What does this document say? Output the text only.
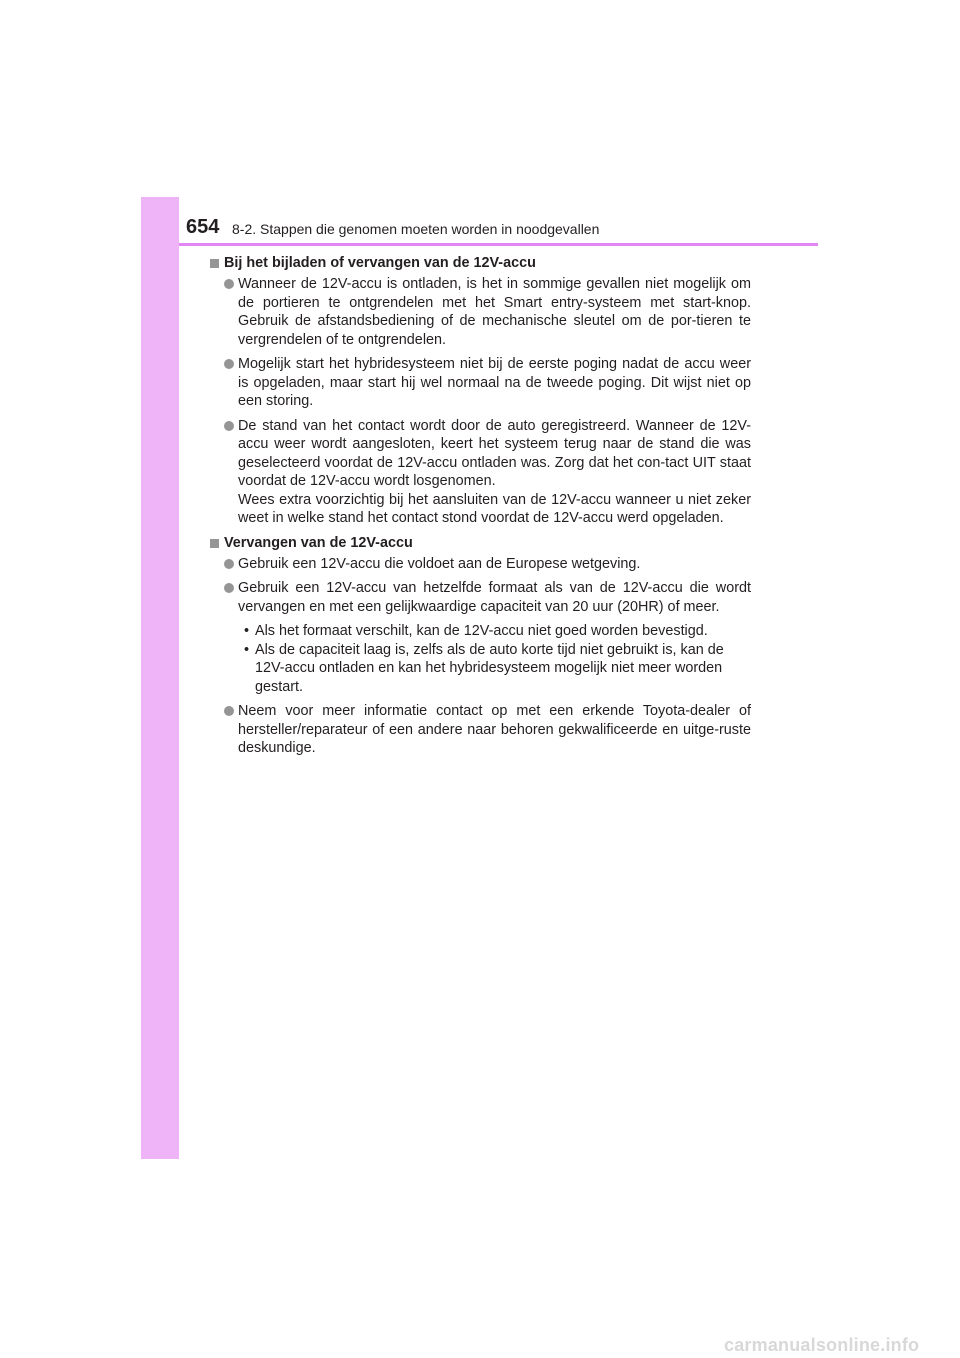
654 8-2. Stappen die genomen moeten worden in noodgevallen
Bij het bijladen of vervangen van de 12V-accu

Wanneer de 12V-accu is ontladen, is het in sommige gevallen niet mogelijk om de portieren te ontgrendelen met het Smart entry-systeem met start-knop. Gebruik de afstandsbediening of de mechanische sleutel om de por-tieren te vergrendelen of te ontgrendelen.

Mogelijk start het hybridesysteem niet bij de eerste poging nadat de accu weer is opgeladen, maar start hij wel normaal na de tweede poging. Dit wijst niet op een storing.

De stand van het contact wordt door de auto geregistreerd. Wanneer de 12V-accu weer wordt aangesloten, keert het systeem terug naar de stand die was geselecteerd voordat de 12V-accu ontladen was. Zorg dat het con-tact UIT staat voordat de 12V-accu wordt losgenomen.

Wees extra voorzichtig bij het aansluiten van de 12V-accu wanneer u niet zeker weet in welke stand het contact stond voordat de 12V-accu werd opgeladen.

Vervangen van de 12V-accu

Gebruik een 12V-accu die voldoet aan de Europese wetgeving.

Gebruik een 12V-accu van hetzelfde formaat als van de 12V-accu die wordt vervangen en met een gelijkwaardige capaciteit van 20 uur (20HR) of meer.

• Als het formaat verschilt, kan de 12V-accu niet goed worden bevestigd.
• Als de capaciteit laag is, zelfs als de auto korte tijd niet gebruikt is, kan de 12V-accu ontladen en kan het hybridesysteem mogelijk niet meer worden gestart.

Neem voor meer informatie contact op met een erkende Toyota-dealer of hersteller/reparateur of een andere naar behoren gekwalificeerde en uitge-ruste deskundige.

carmanualsonline.info
